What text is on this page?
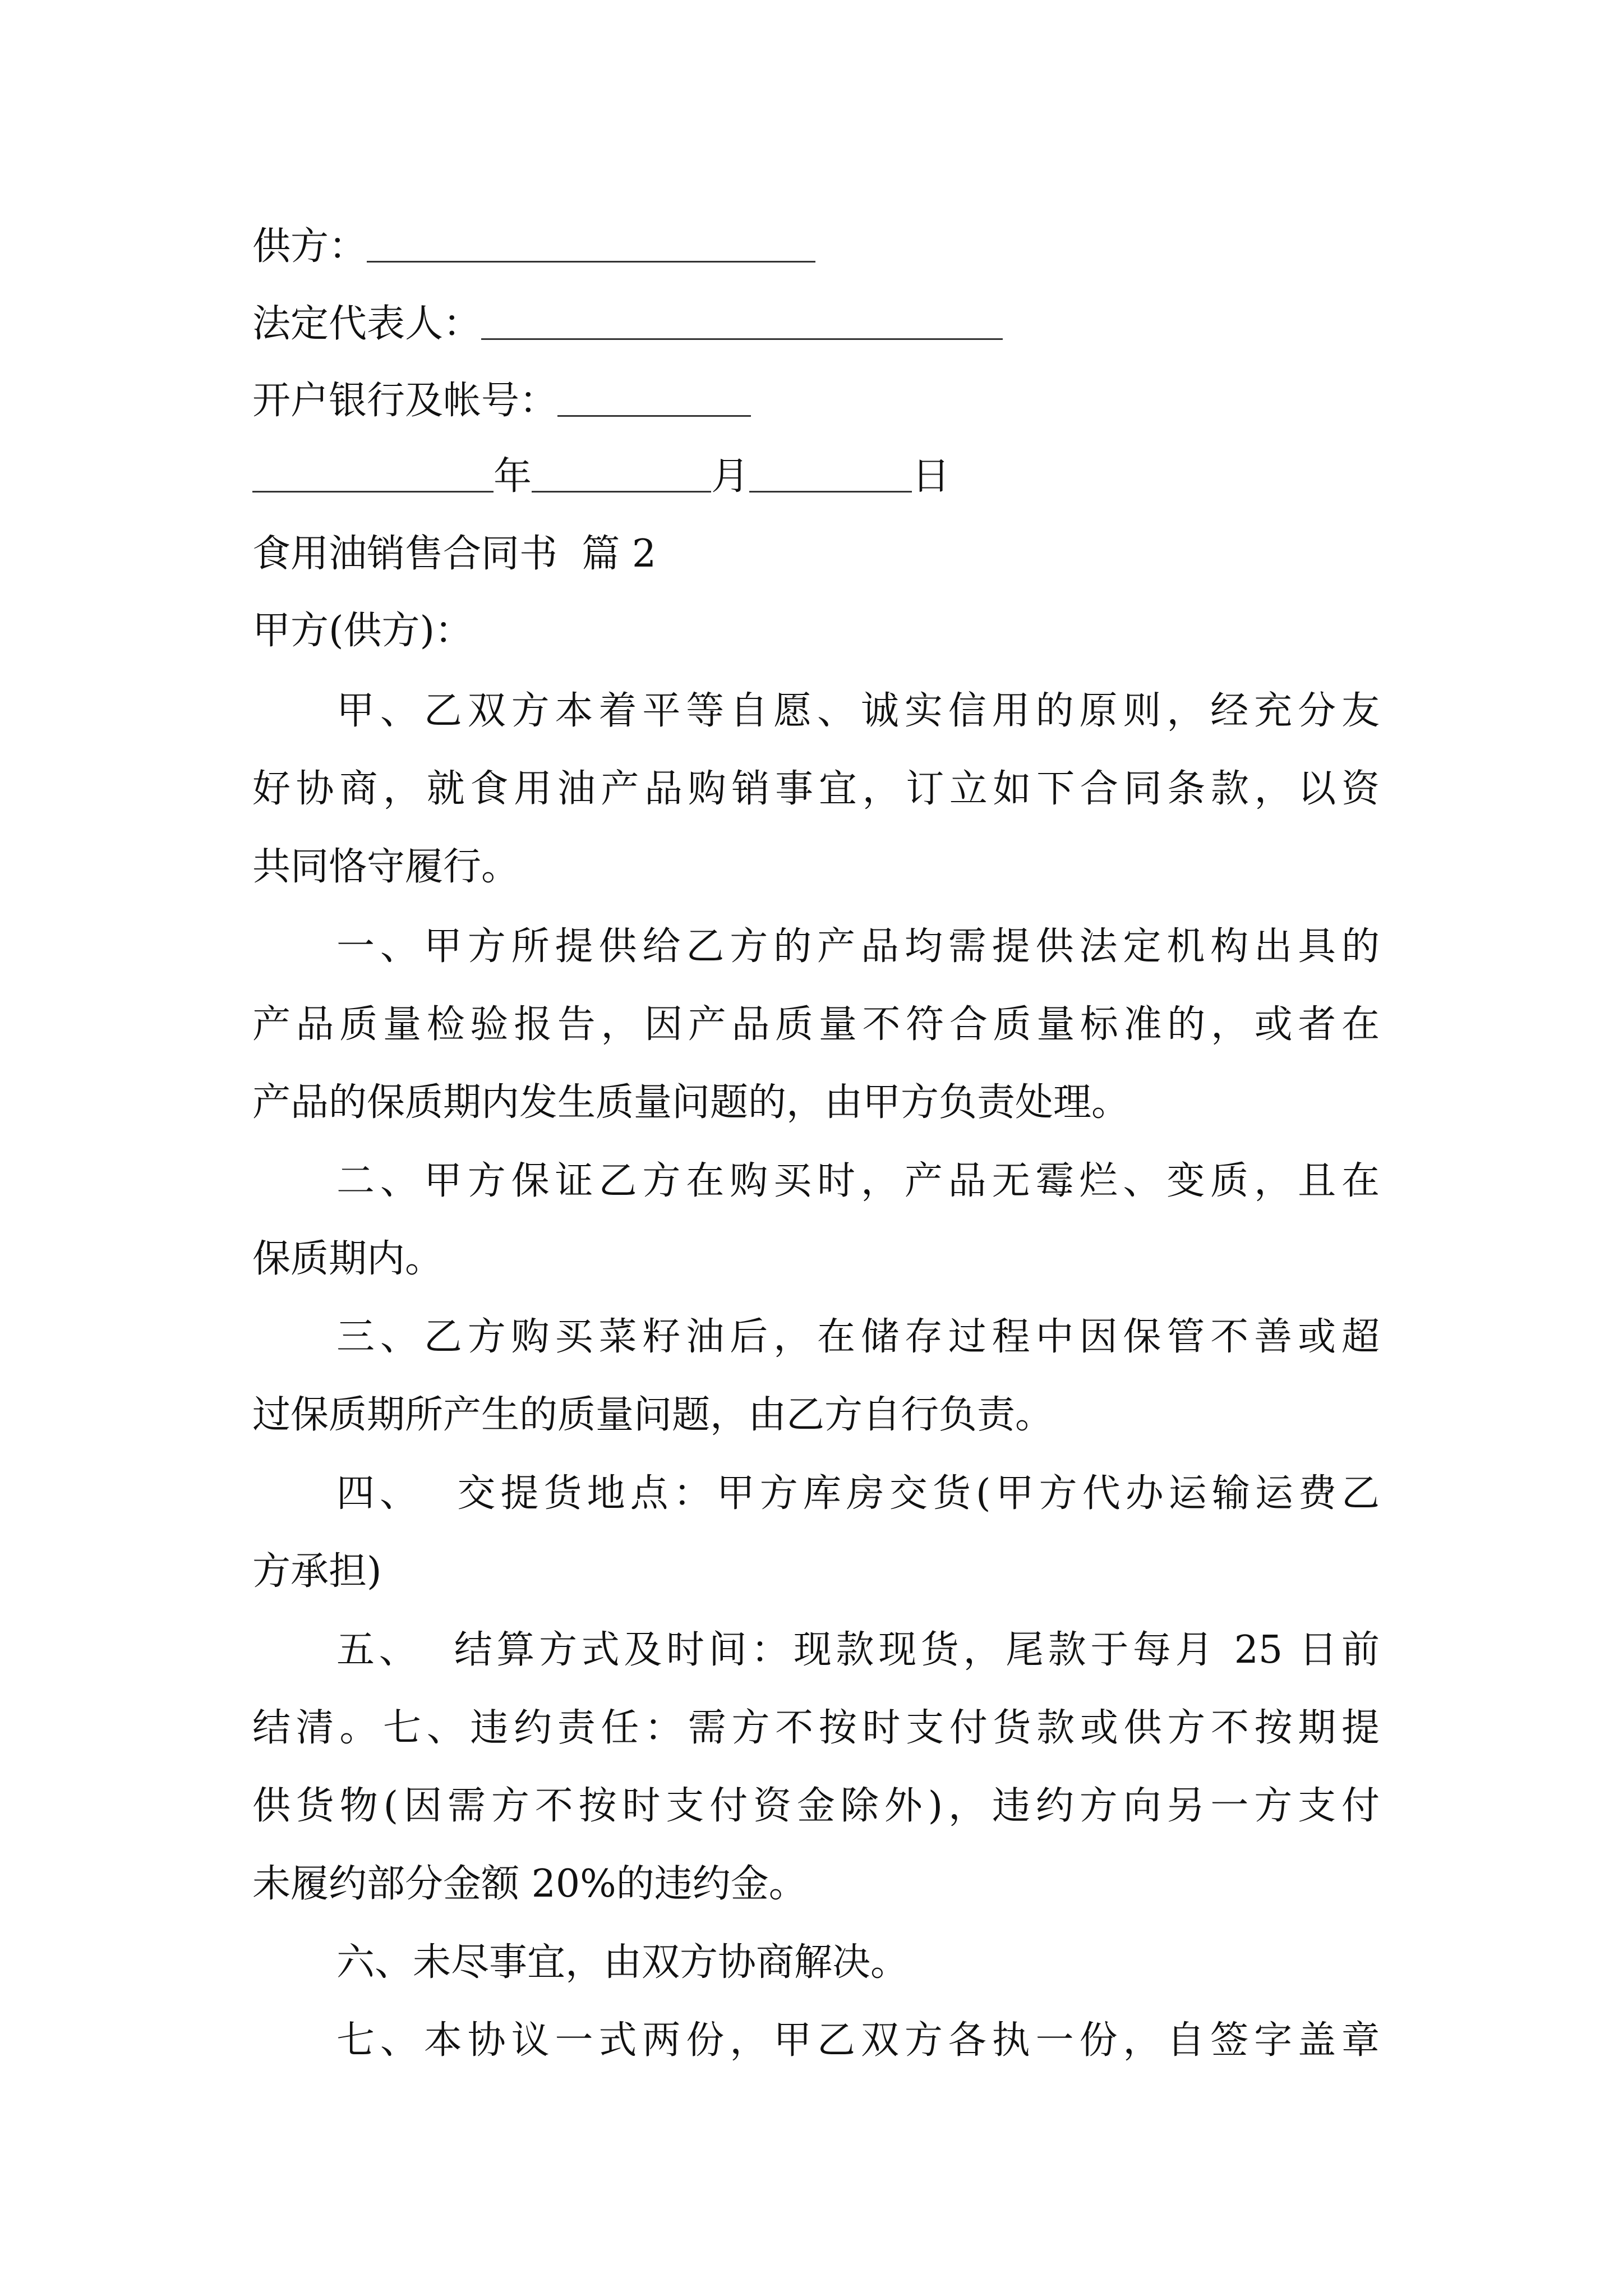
供方：
法定代表人：
开户银行及帐号：
年	月	日
食用油销售合同书  篇 2
甲方(供方)：
甲、乙双方本着平等自愿、诚实信用的原则，经充分友
好协商，就食用油产品购销事宜，订立如下合同条款，以资
共同恪守履行。
一、甲方所提供给乙方的产品均需提供法定机构出具的
产品质量检验报告，因产品质量不符合质量标准的，或者在
产品的保质期内发生质量问题的，由甲方负责处理。
二、甲方保证乙方在购买时，产品无霉烂、变质，且在
保质期内。
三、乙方购买菜籽油后，在储存过程中因保管不善或超
过保质期所产生的质量问题，由乙方自行负责。
四、  交提货地点：甲方库房交货(甲方代办运输运费乙
方承担)
五、  结算方式及时间：现款现货，尾款于每月 25 日前
结清。七、违约责任：需方不按时支付货款或供方不按期提
供货物(因需方不按时支付资金除外)，违约方向另一方支付
未履约部分金额 20%的违约金。
六、未尽事宜，由双方协商解决。
七、本协议一式两份，甲乙双方各执一份，自签字盖章
